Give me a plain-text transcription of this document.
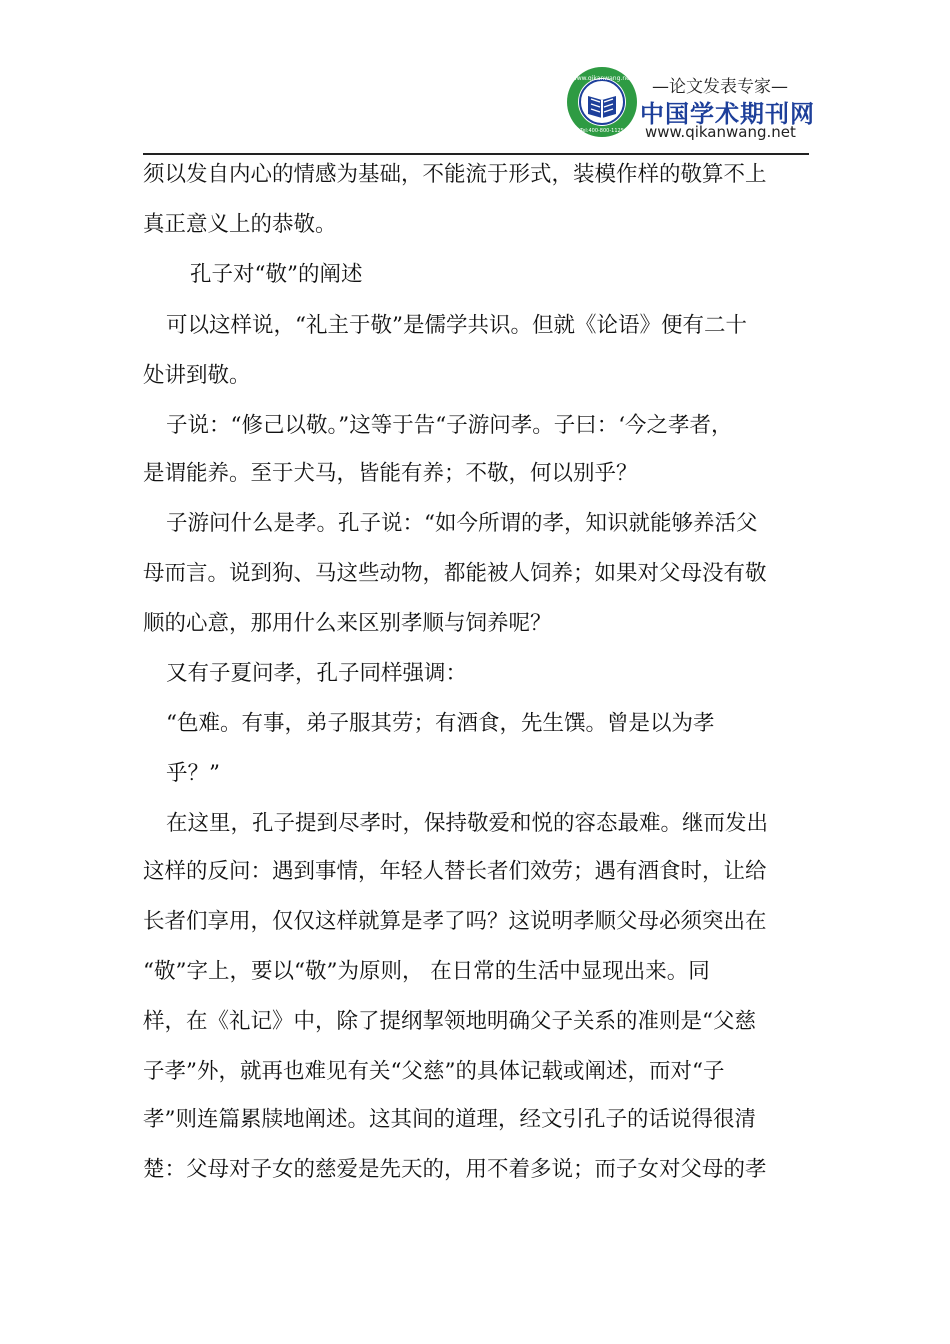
www.qikanwang.net
Tel:400-800-1125
—论文发表专家—
中国学术期刊网
www.qikanwang.net
须以发自内心的情感为基础，不能流于形式，装模作样的敬算不上
真正意义上的恭敬。
孔子对“敬”的阐述
可以这样说，“礼主于敬”是儒学共识。但就《论语》便有二十
处讲到敬。
子说：“修己以敬。”这等于告“子游问孝。子曰：‘今之孝者，
是谓能养。至于犬马，皆能有养；不敬，何以别乎？
子游问什么是孝。孔子说：“如今所谓的孝，知识就能够养活父
母而言。说到狗、马这些动物，都能被人饲养；如果对父母没有敬
顺的心意，那用什么来区别孝顺与饲养呢？
又有子夏问孝，孔子同样强调：
“色难。有事，弟子服其劳；有酒食，先生馔。曾是以为孝
乎？”
在这里，孔子提到尽孝时，保持敬爱和悦的容态最难。继而发出
这样的反问：遇到事情，年轻人替长者们效劳；遇有酒食时，让给
长者们享用，仅仅这样就算是孝了吗？这说明孝顺父母必须突出在
“敬”字上，要以“敬”为原则， 在日常的生活中显现出来。同
样，在《礼记》中，除了提纲挈领地明确父子关系的准则是“父慈
子孝”外，就再也难见有关“父慈”的具体记载或阐述，而对“子
孝”则连篇累牍地阐述。这其间的道理，经文引孔子的话说得很清
楚：父母对子女的慈爱是先天的，用不着多说；而子女对父母的孝
